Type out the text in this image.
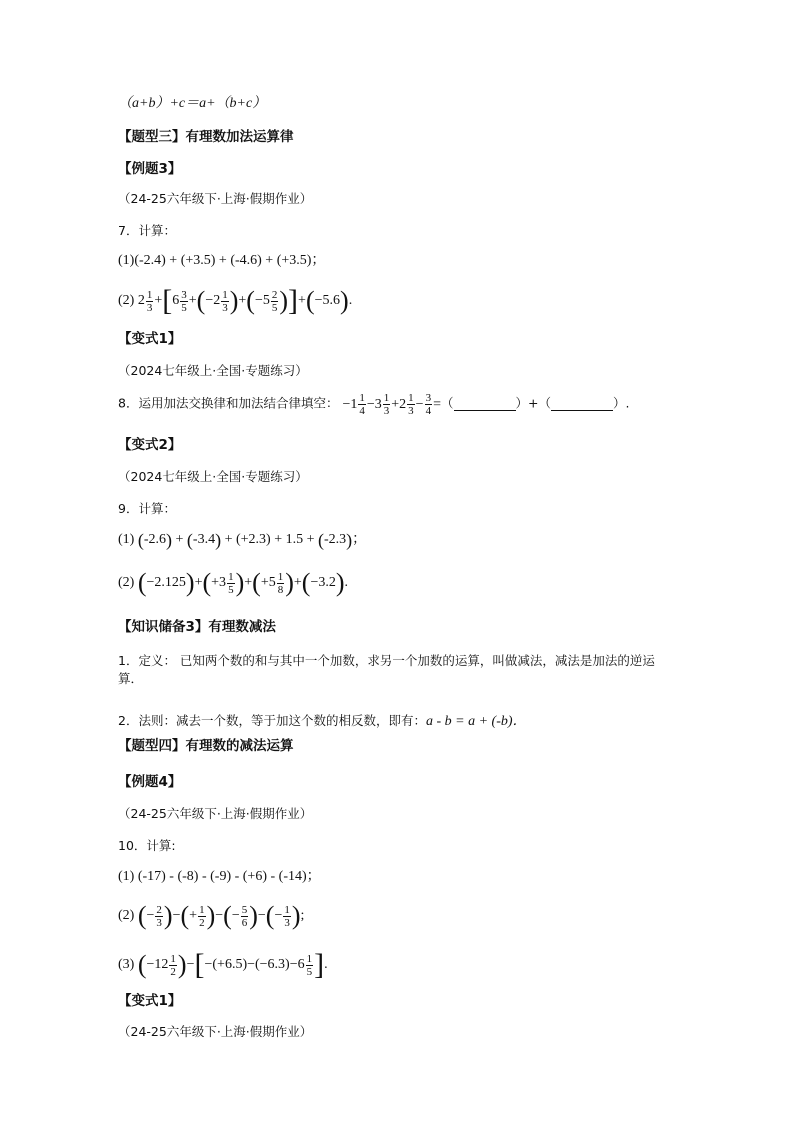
（a+b）+c＝a+（b+c）
【题型三】有理数加法运算律
【例题3】
（24-25六年级下·上海·假期作业）
7．计算：
(1)(-2.4) + (+3.5) + (-4.6) + (+3.5)；
(2) $2 \frac{1}{3} +[6 \frac{3}{5} +(-2 \frac{1}{3} )+(-5 \frac{2}{5} )]+(-5.6)$.
【变式1】
（2024七年级上·全国·专题练习）
8．运用加法交换律和加法结合律填空： $-1 \frac{1}{4} -3 \frac{1}{3} +2 \frac{1}{3} - \frac{3}{4}$ =（	）+（	）.
【变式2】
（2024七年级上·全国·专题练习）
9．计算：
(1) (-2.6) + (-3.4) + (+2.3) + 1.5 + (-2.3)；
(2) $(-2.125)+(+3 \frac{1}{5} )+(+5 \frac{1}{8} )+(-3.2)$.
【知识储备3】有理数减法
1．定义： 已知两个数的和与其中一个加数，求另一个加数的运算，叫做减法，减法是加法的逆运算．
2．法则：减去一个数，等于加这个数的相反数，即有：a - b = a + (-b)．
【题型四】有理数的减法运算
【例题4】
（24-25六年级下·上海·假期作业）
10．计算:
(1) (-17) - (-8) - (-9) - (+6) - (-14)；
(2) (− $\frac{2}{3}$ )−(+ $\frac{1}{2}$ )−(− $\frac{5}{6}$ )−(− $\frac{1}{3}$ );
(3) $(-12 \frac{1}{2} )-[-(+6.5)-(-6.3)-6 \frac{1}{5}$ ].
【变式1】
（24-25六年级下·上海·假期作业）
